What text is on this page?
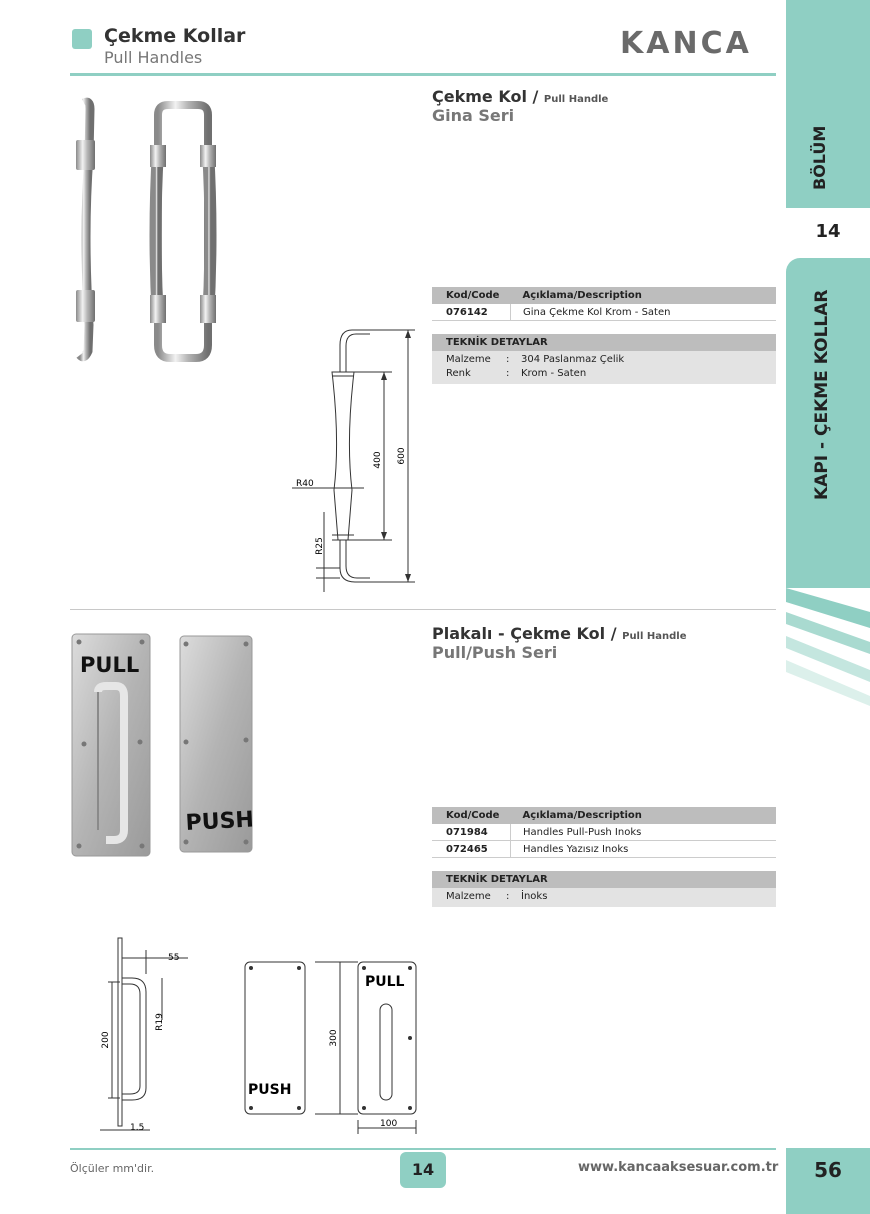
Çekme Kollar
Pull Handles	KANCA
14
BÖLÜM
KAPI - ÇEKME KOLLAR
56
400 600
R40
R25
Çekme Kol / Pull Handle
Gina Seri
Kod/Code	Açıklama/Description
076142	Gina Çekme Kol Krom - Saten
TEKNİK DETAYLAR
Malzeme	:	304 Paslanmaz Çelik
Renk	:	Krom - Saten
PULL
PUSH
Plakalı - Çekme Kol / Pull Handle
Pull/Push Seri
Kod/Code	Açıklama/Description
071984	Handles Pull-Push Inoks
072465	Handles Yazısız Inoks
TEKNİK DETAYLAR
Malzeme	:	İnoks
55
R19
200
1.5
300
100
PULL
PUSH
Ölçüler mm'dir.	14	www.kancaaksesuar.com.tr
